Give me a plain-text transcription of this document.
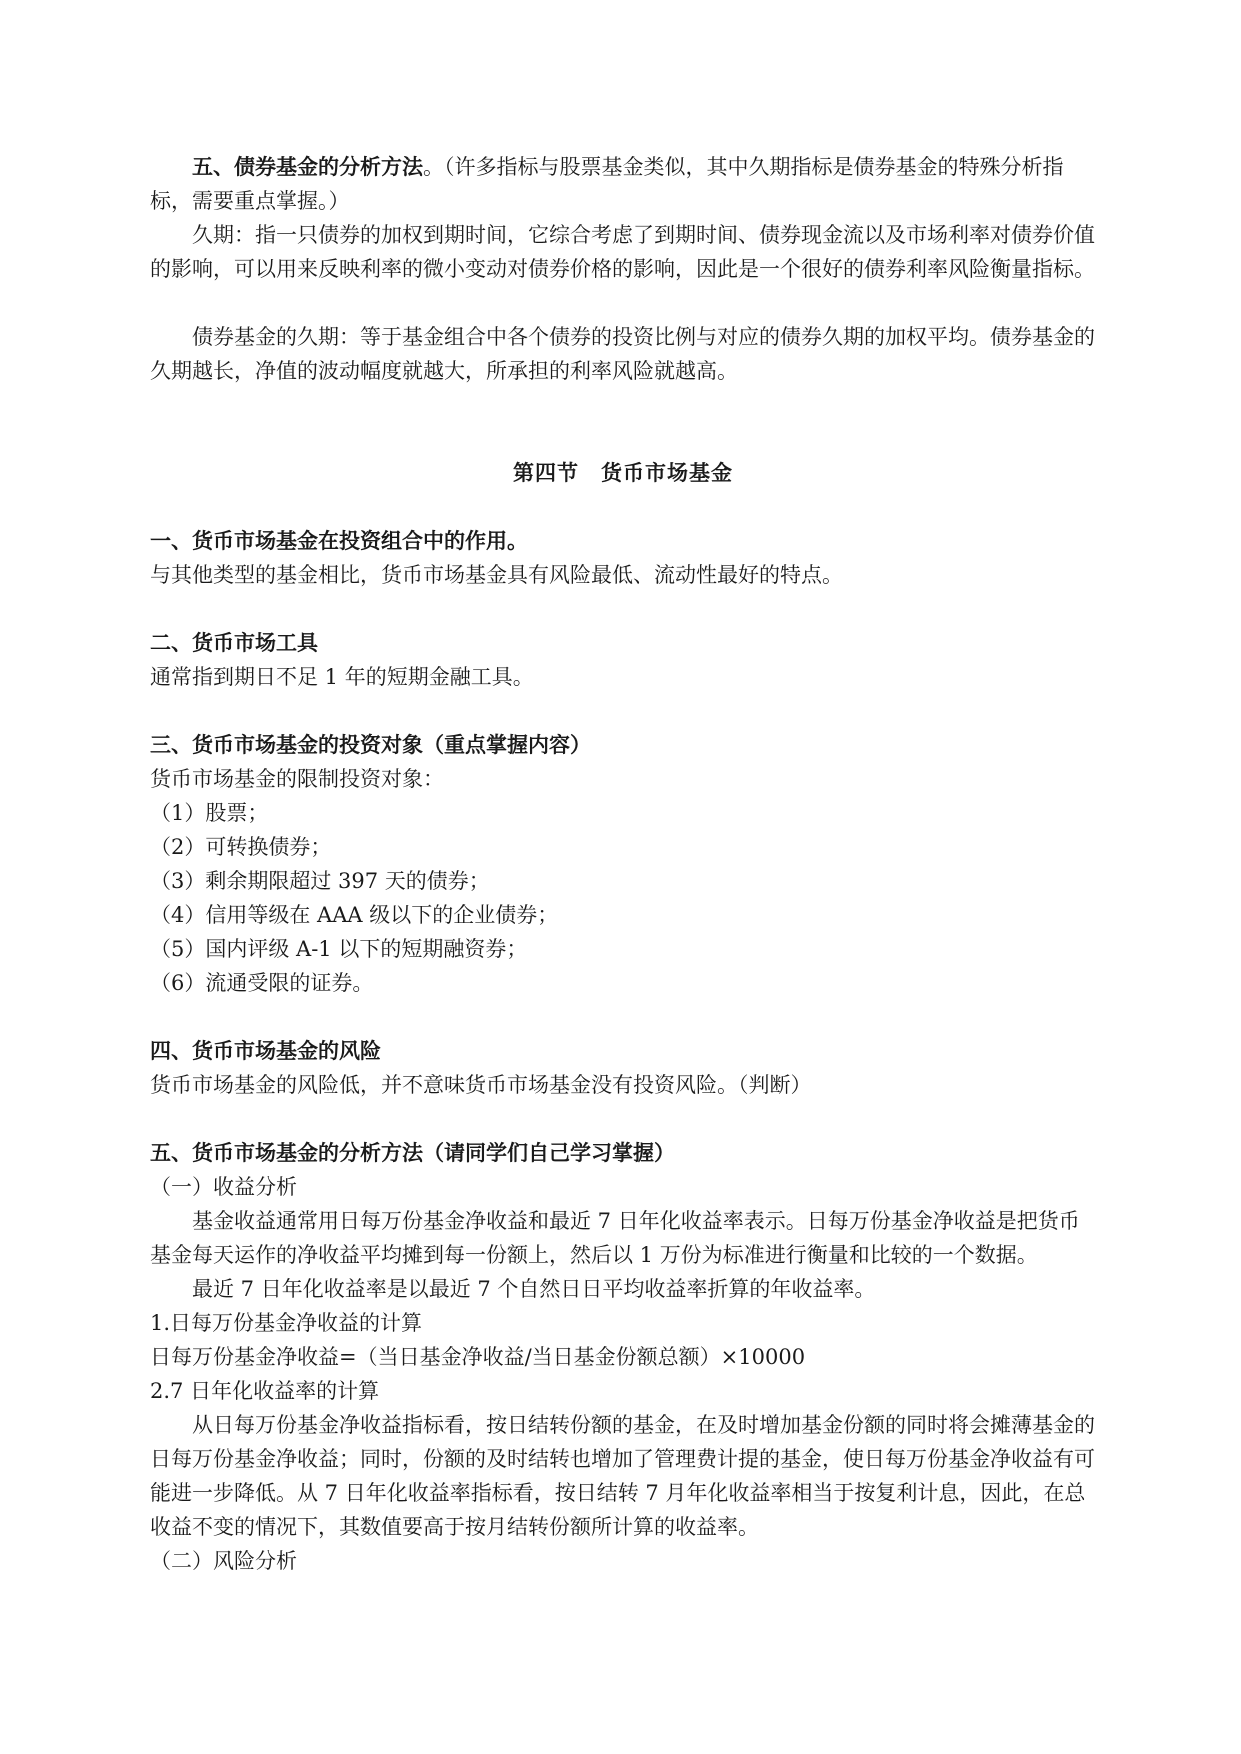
五、债券基金的分析方法。（许多指标与股票基金类似，其中久期指标是债券基金的特殊分析指标，需要重点掌握。）

久期：指一只债券的加权到期时间，它综合考虑了到期时间、债券现金流以及市场利率对债券价值的影响，可以用来反映利率的微小变动对债券价格的影响，因此是一个很好的债券利率风险衡量指标。

债券基金的久期：等于基金组合中各个债券的投资比例与对应的债券久期的加权平均。债券基金的久期越长，净值的波动幅度就越大，所承担的利率风险就越高。

第四节 货币市场基金

一、货币市场基金在投资组合中的作用。

与其他类型的基金相比，货币市场基金具有风险最低、流动性最好的特点。

二、货币市场工具

通常指到期日不足 1 年的短期金融工具。

三、货币市场基金的投资对象（重点掌握内容）

货币市场基金的限制投资对象：

（1）股票；

（2）可转换债券；

（3）剩余期限超过 397 天的债券；

（4）信用等级在 AAA 级以下的企业债券；

（5）国内评级 A-1 以下的短期融资券；

（6）流通受限的证券。

四、货币市场基金的风险

货币市场基金的风险低，并不意味货币市场基金没有投资风险。（判断）

五、货币市场基金的分析方法（请同学们自己学习掌握）

（一）收益分析

基金收益通常用日每万份基金净收益和最近 7 日年化收益率表示。日每万份基金净收益是把货币基金每天运作的净收益平均摊到每一份额上，然后以 1 万份为标准进行衡量和比较的一个数据。

最近 7 日年化收益率是以最近 7 个自然日日平均收益率折算的年收益率。

1.日每万份基金净收益的计算

日每万份基金净收益=（当日基金净收益/当日基金份额总额）×10000

2.7 日年化收益率的计算

从日每万份基金净收益指标看，按日结转份额的基金，在及时增加基金份额的同时将会摊薄基金的日每万份基金净收益；同时，份额的及时结转也增加了管理费计提的基金，使日每万份基金净收益有可能进一步降低。从 7 日年化收益率指标看，按日结转 7 月年化收益率相当于按复利计息，因此，在总收益不变的情况下，其数值要高于按月结转份额所计算的收益率。

（二）风险分析
